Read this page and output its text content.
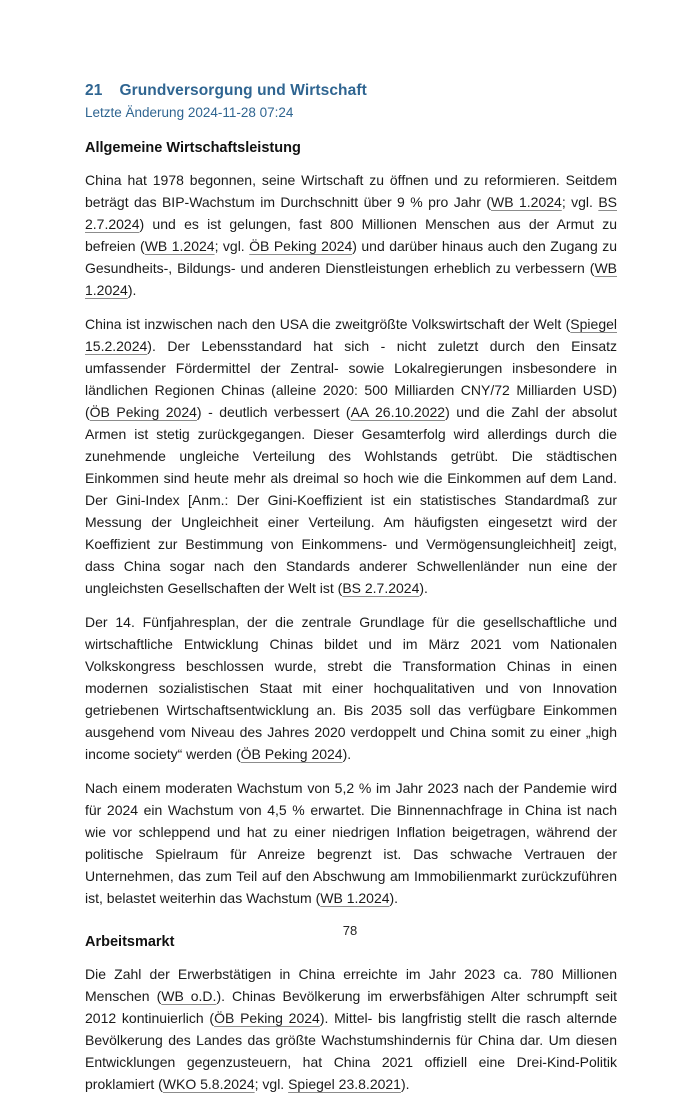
21 Grundversorgung und Wirtschaft
Letzte Änderung 2024-11-28 07:24
Allgemeine Wirtschaftsleistung

China hat 1978 begonnen, seine Wirtschaft zu öffnen und zu reformieren. Seitdem beträgt das BIP-Wachstum im Durchschnitt über 9 % pro Jahr (WB 1.2024; vgl. BS 2.7.2024) und es ist gelungen, fast 800 Millionen Menschen aus der Armut zu befreien (WB 1.2024; vgl. ÖB Peking 2024) und darüber hinaus auch den Zugang zu Gesundheits-, Bildungs- und anderen Dienstleistungen erheblich zu verbessern (WB 1.2024).

China ist inzwischen nach den USA die zweitgrößte Volkswirtschaft der Welt (Spiegel 15.2.2024). Der Lebensstandard hat sich - nicht zuletzt durch den Einsatz umfassender Fördermittel der Zentral- sowie Lokalregierungen insbesondere in ländlichen Regionen Chinas (alleine 2020: 500 Milliarden CNY/72 Milliarden USD) (ÖB Peking 2024) - deutlich verbessert (AA 26.10.2022) und die Zahl der absolut Armen ist stetig zurückgegangen. Dieser Gesamterfolg wird allerdings durch die zunehmende ungleiche Verteilung des Wohlstands getrübt. Die städtischen Einkommen sind heute mehr als dreimal so hoch wie die Einkommen auf dem Land. Der Gini-Index [Anm.: Der Gini-Koeffizient ist ein statistisches Standardmaß zur Messung der Ungleichheit einer Verteilung. Am häufigsten eingesetzt wird der Koeffizient zur Bestimmung von Einkommens- und Vermögensungleichheit] zeigt, dass China sogar nach den Standards anderer Schwellenländer nun eine der ungleichsten Gesellschaften der Welt ist (BS 2.7.2024).

Der 14. Fünfjahresplan, der die zentrale Grundlage für die gesellschaftliche und wirtschaftliche Entwicklung Chinas bildet und im März 2021 vom Nationalen Volkskongress beschlossen wurde, strebt die Transformation Chinas in einen modernen sozialistischen Staat mit einer hochqualitativen und von Innovation getriebenen Wirtschaftsentwicklung an. Bis 2035 soll das verfügbare Einkommen ausgehend vom Niveau des Jahres 2020 verdoppelt und China somit zu einer „high income society“ werden (ÖB Peking 2024).

Nach einem moderaten Wachstum von 5,2 % im Jahr 2023 nach der Pandemie wird für 2024 ein Wachstum von 4,5 % erwartet. Die Binnennachfrage in China ist nach wie vor schleppend und hat zu einer niedrigen Inflation beigetragen, während der politische Spielraum für Anreize begrenzt ist. Das schwache Vertrauen der Unternehmen, das zum Teil auf den Abschwung am Immobilienmarkt zurückzuführen ist, belastet weiterhin das Wachstum (WB 1.2024).

Arbeitsmarkt

Die Zahl der Erwerbstätigen in China erreichte im Jahr 2023 ca. 780 Millionen Menschen (WB o.D.). Chinas Bevölkerung im erwerbsfähigen Alter schrumpft seit 2012 kontinuierlich (ÖB Peking 2024). Mittel- bis langfristig stellt die rasch alternde Bevölkerung des Landes das größte Wachstumshindernis für China dar. Um diesen Entwicklungen gegenzusteuern, hat China 2021 offiziell eine Drei-Kind-Politik proklamiert (WKO 5.8.2024; vgl. Spiegel 23.8.2021).

78
